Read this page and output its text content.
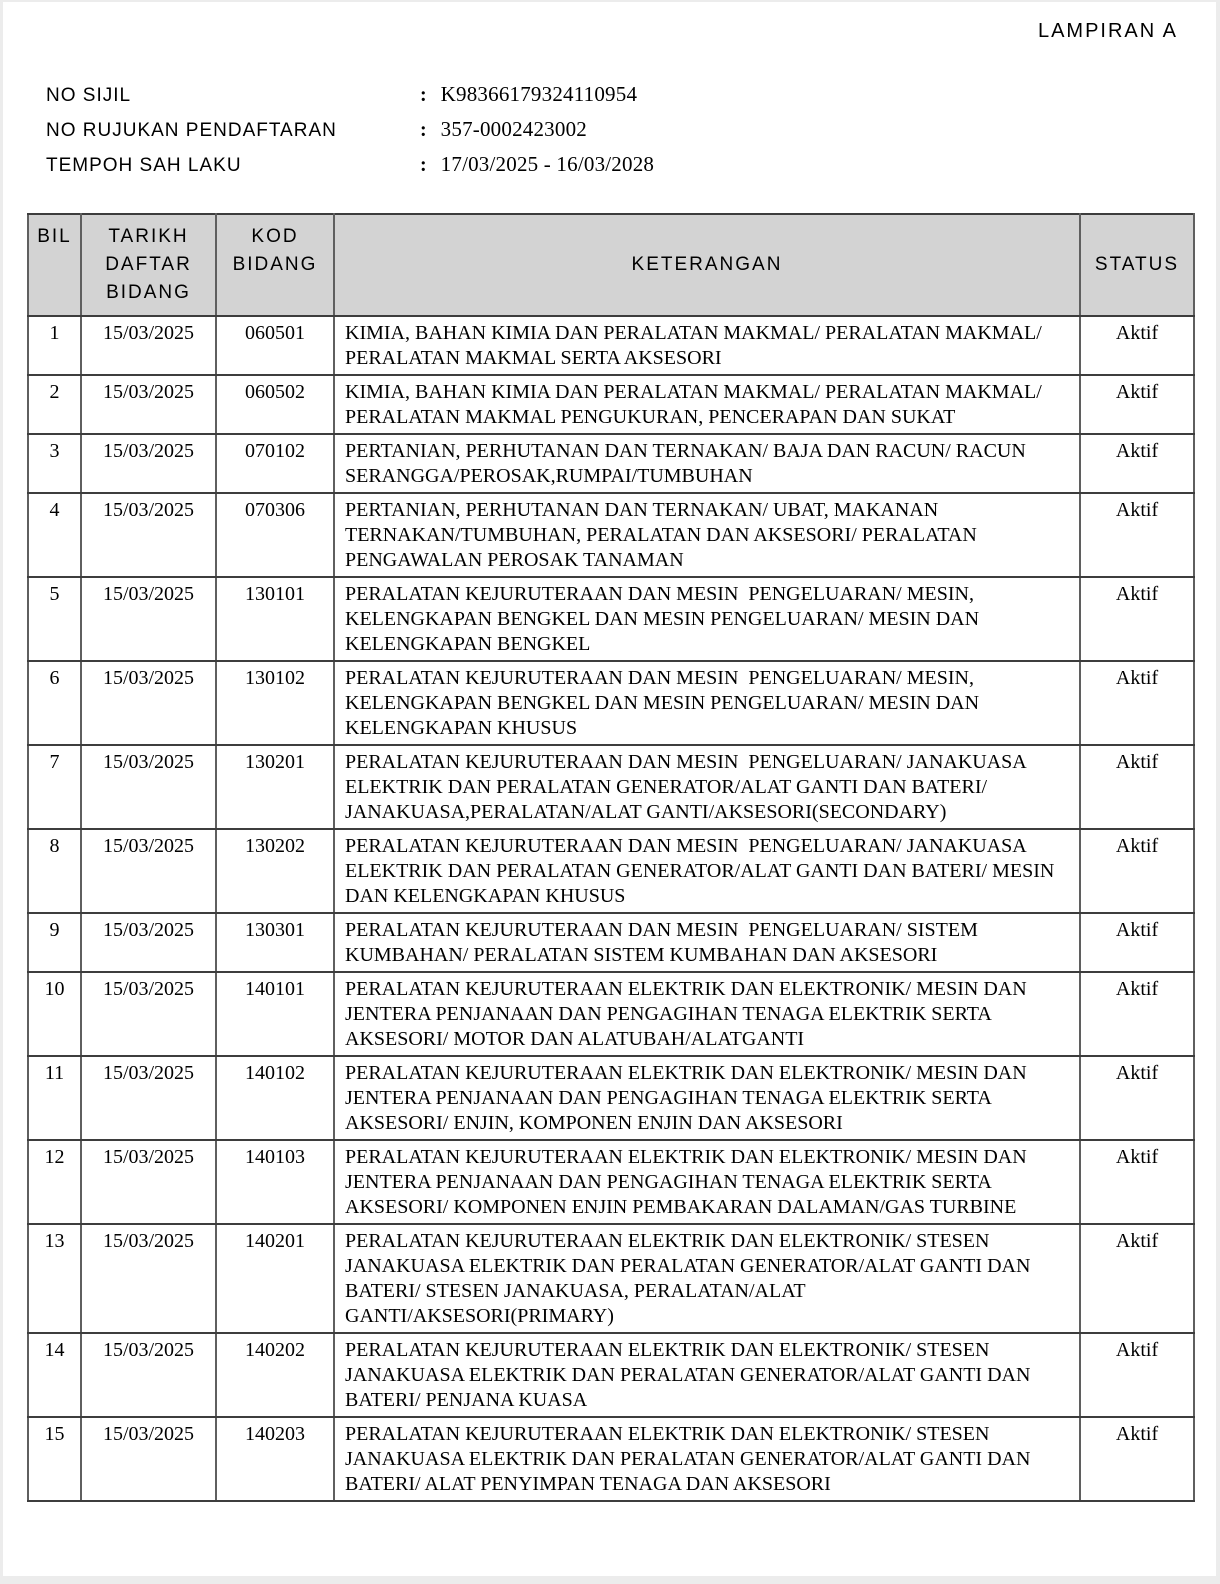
LAMPIRAN A
NO SIJIL	: K98366179324110954
NO RUJUKAN PENDAFTARAN	: 357-0002423002
TEMPOH SAH LAKU	: 17/03/2025 - 16/03/2028
BIL	TARIKH DAFTAR BIDANG	KOD BIDANG	KETERANGAN	STATUS
1	15/03/2025	060501	KIMIA, BAHAN KIMIA DAN PERALATAN MAKMAL/ PERALATAN MAKMAL/ PERALATAN MAKMAL SERTA AKSESORI	Aktif
2	15/03/2025	060502	KIMIA, BAHAN KIMIA DAN PERALATAN MAKMAL/ PERALATAN MAKMAL/ PERALATAN MAKMAL PENGUKURAN, PENCERAPAN DAN SUKAT	Aktif
3	15/03/2025	070102	PERTANIAN, PERHUTANAN DAN TERNAKAN/ BAJA DAN RACUN/ RACUN SERANGGA/PEROSAK,RUMPAI/TUMBUHAN	Aktif
4	15/03/2025	070306	PERTANIAN, PERHUTANAN DAN TERNAKAN/ UBAT, MAKANAN TERNAKAN/TUMBUHAN, PERALATAN DAN AKSESORI/ PERALATAN PENGAWALAN PEROSAK TANAMAN	Aktif
5	15/03/2025	130101	PERALATAN KEJURUTERAAN DAN MESIN  PENGELUARAN/ MESIN, KELENGKAPAN BENGKEL DAN MESIN PENGELUARAN/ MESIN DAN KELENGKAPAN BENGKEL	Aktif
6	15/03/2025	130102	PERALATAN KEJURUTERAAN DAN MESIN  PENGELUARAN/ MESIN, KELENGKAPAN BENGKEL DAN MESIN PENGELUARAN/ MESIN DAN KELENGKAPAN KHUSUS	Aktif
7	15/03/2025	130201	PERALATAN KEJURUTERAAN DAN MESIN  PENGELUARAN/ JANAKUASA ELEKTRIK DAN PERALATAN GENERATOR/ALAT GANTI DAN BATERI/ JANAKUASA,PERALATAN/ALAT GANTI/AKSESORI(SECONDARY)	Aktif
8	15/03/2025	130202	PERALATAN KEJURUTERAAN DAN MESIN  PENGELUARAN/ JANAKUASA ELEKTRIK DAN PERALATAN GENERATOR/ALAT GANTI DAN BATERI/ MESIN DAN KELENGKAPAN KHUSUS	Aktif
9	15/03/2025	130301	PERALATAN KEJURUTERAAN DAN MESIN  PENGELUARAN/ SISTEM KUMBAHAN/ PERALATAN SISTEM KUMBAHAN DAN AKSESORI	Aktif
10	15/03/2025	140101	PERALATAN KEJURUTERAAN ELEKTRIK DAN ELEKTRONIK/ MESIN DAN JENTERA PENJANAAN DAN PENGAGIHAN TENAGA ELEKTRIK SERTA AKSESORI/ MOTOR DAN ALATUBAH/ALATGANTI	Aktif
11	15/03/2025	140102	PERALATAN KEJURUTERAAN ELEKTRIK DAN ELEKTRONIK/ MESIN DAN JENTERA PENJANAAN DAN PENGAGIHAN TENAGA ELEKTRIK SERTA AKSESORI/ ENJIN, KOMPONEN ENJIN DAN AKSESORI	Aktif
12	15/03/2025	140103	PERALATAN KEJURUTERAAN ELEKTRIK DAN ELEKTRONIK/ MESIN DAN JENTERA PENJANAAN DAN PENGAGIHAN TENAGA ELEKTRIK SERTA AKSESORI/ KOMPONEN ENJIN PEMBAKARAN DALAMAN/GAS TURBINE	Aktif
13	15/03/2025	140201	PERALATAN KEJURUTERAAN ELEKTRIK DAN ELEKTRONIK/ STESEN JANAKUASA ELEKTRIK DAN PERALATAN GENERATOR/ALAT GANTI DAN BATERI/ STESEN JANAKUASA, PERALATAN/ALAT GANTI/AKSESORI(PRIMARY)	Aktif
14	15/03/2025	140202	PERALATAN KEJURUTERAAN ELEKTRIK DAN ELEKTRONIK/ STESEN JANAKUASA ELEKTRIK DAN PERALATAN GENERATOR/ALAT GANTI DAN BATERI/ PENJANA KUASA	Aktif
15	15/03/2025	140203	PERALATAN KEJURUTERAAN ELEKTRIK DAN ELEKTRONIK/ STESEN JANAKUASA ELEKTRIK DAN PERALATAN GENERATOR/ALAT GANTI DAN BATERI/ ALAT PENYIMPAN TENAGA DAN AKSESORI	Aktif
